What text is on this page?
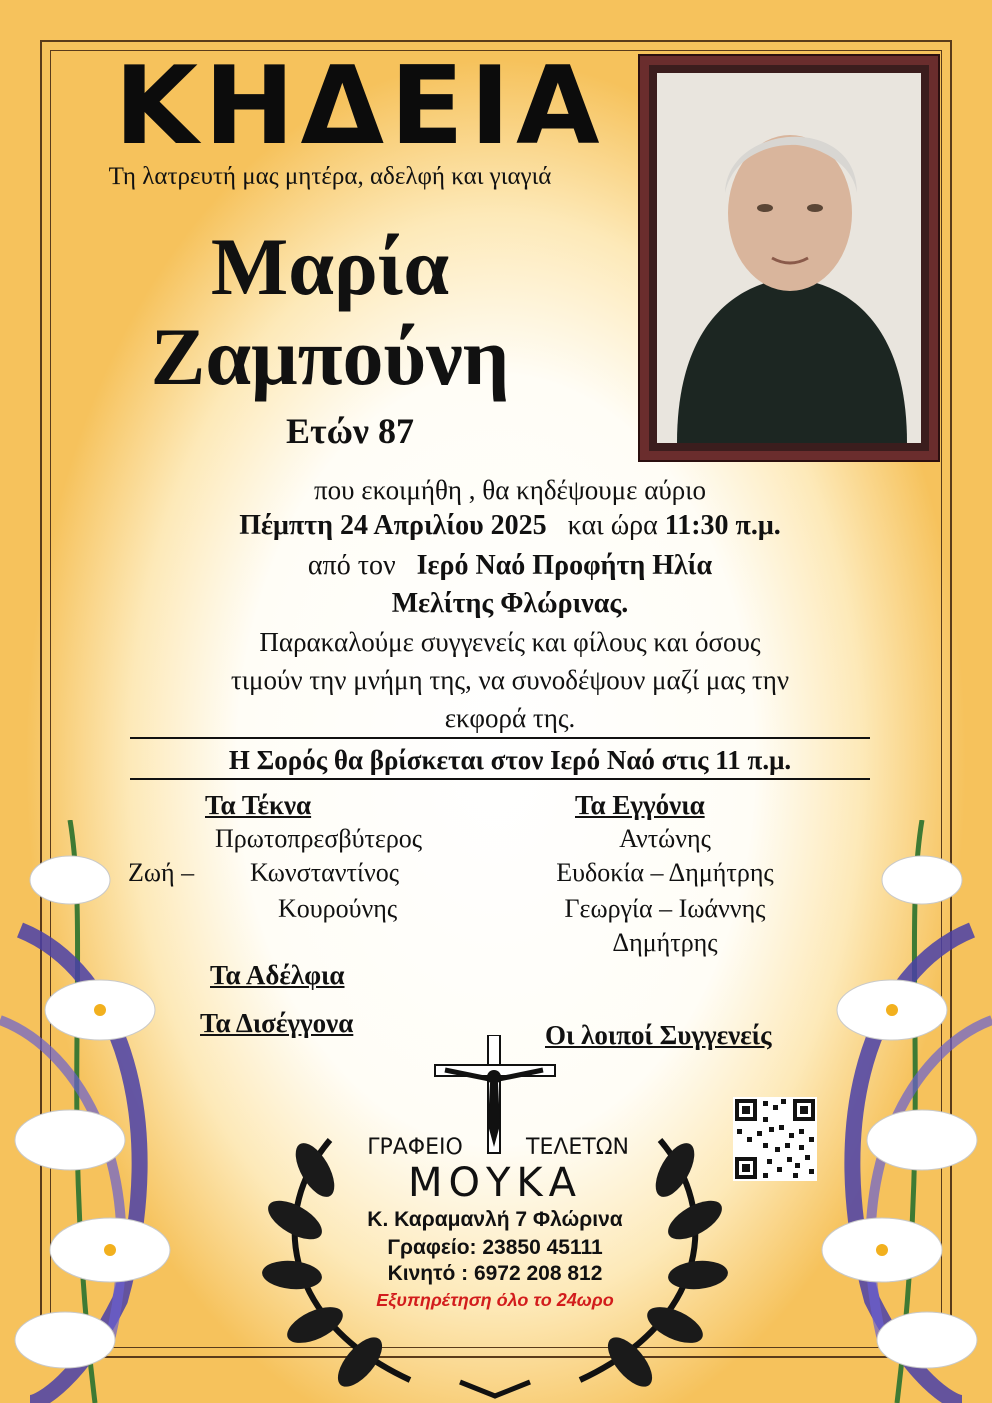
ΚΗΔΕΙΑ
Τη λατρευτή μας μητέρα, αδελφή και γιαγιά
Μαρία
Ζαμπούνη
Ετών 87
που εκοιμήθη , θα κηδέψουμε αύριο
Πέμπτη 24 Απριλίου 2025 και ώρα 11:30 π.μ.
από τον Ιερό Ναό Προφήτη Ηλία
Μελίτης Φλώρινας.
Παρακαλούμε συγγενείς και φίλους και όσους
τιμούν την μνήμη της, να συνοδέψουν μαζί μας την
εκφορά της.
Η Σορός θα βρίσκεται στον Ιερό Ναό στις 11 π.μ.
Τα Τέκνα
Πρωτοπρεσβύτερος
Ζωή – Κωνσταντίνος
Κουρούνης
Τα Εγγόνια
Αντώνης
Ευδοκία – Δημήτρης
Γεωργία – Ιωάννης
Δημήτρης
Τα Αδέλφια
Τα Δισέγγονα	Οι λοιποί Συγγενείς
ΓΡΑΦΕΙΟ	ΤΕΛΕΤΩΝ
ΜΟΥΚΑ
Κ. Καραμανλή 7 Φλώρινα
Γραφείο: 23850 45111
Κινητό : 6972 208 812
Εξυπηρέτηση όλο το 24ωρο
